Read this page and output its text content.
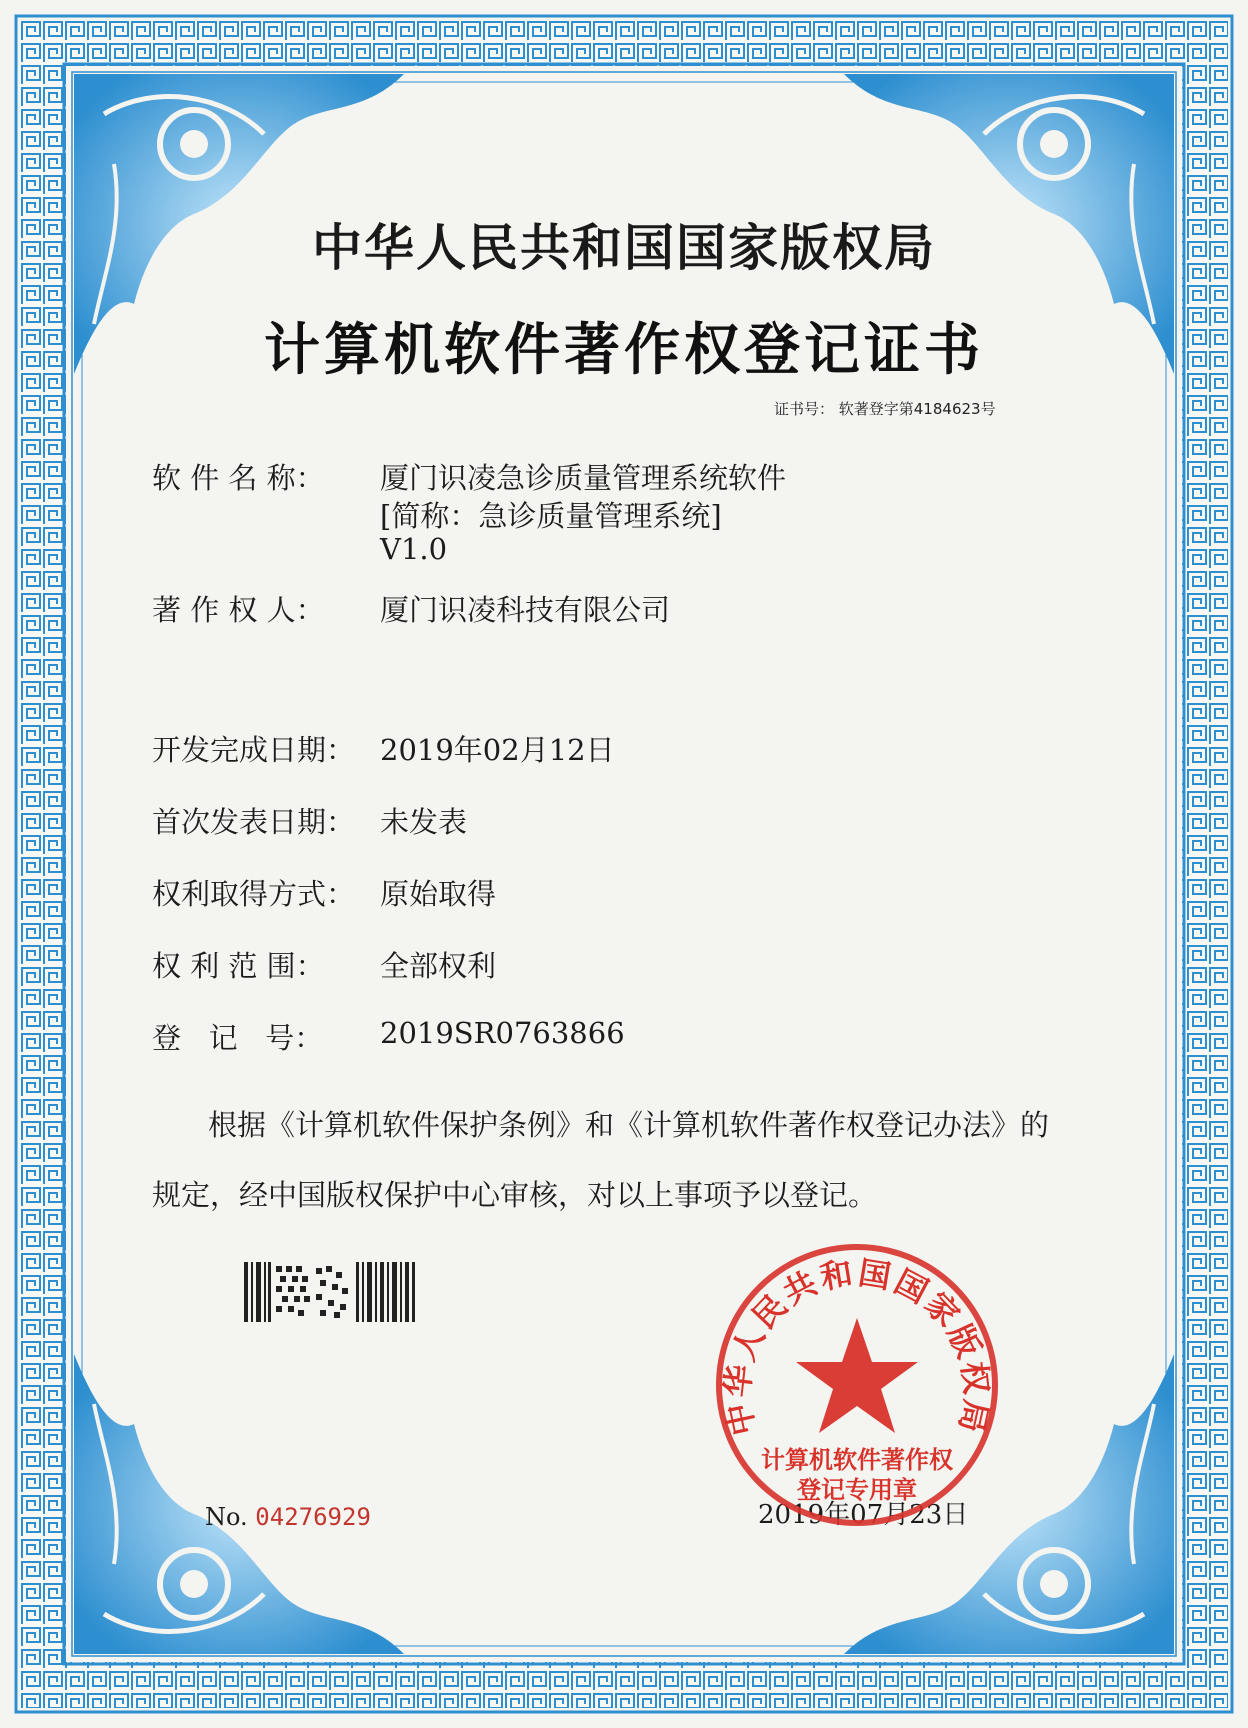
中华人民共和国国家版权局
计算机软件著作权登记证书
证书号： 软著登字第4184623号
软 件 名 称：	厦门识凌急诊质量管理系统软件
[简称：急诊质量管理系统]
V1.0
著 作 权 人：	厦门识凌科技有限公司
开发完成日期： 2019年02月12日
首次发表日期： 未发表
权利取得方式： 原始取得
权 利 范 围：	全部权利
登   记   号：	2019SR0763866
根据《计算机软件保护条例》和《计算机软件著作权登记办法》的
规定，经中国版权保护中心审核，对以上事项予以登记。
No. 04276929	2019年07月23日
中华人民共和国国家版权局
计算机软件著作权
登记专用章
